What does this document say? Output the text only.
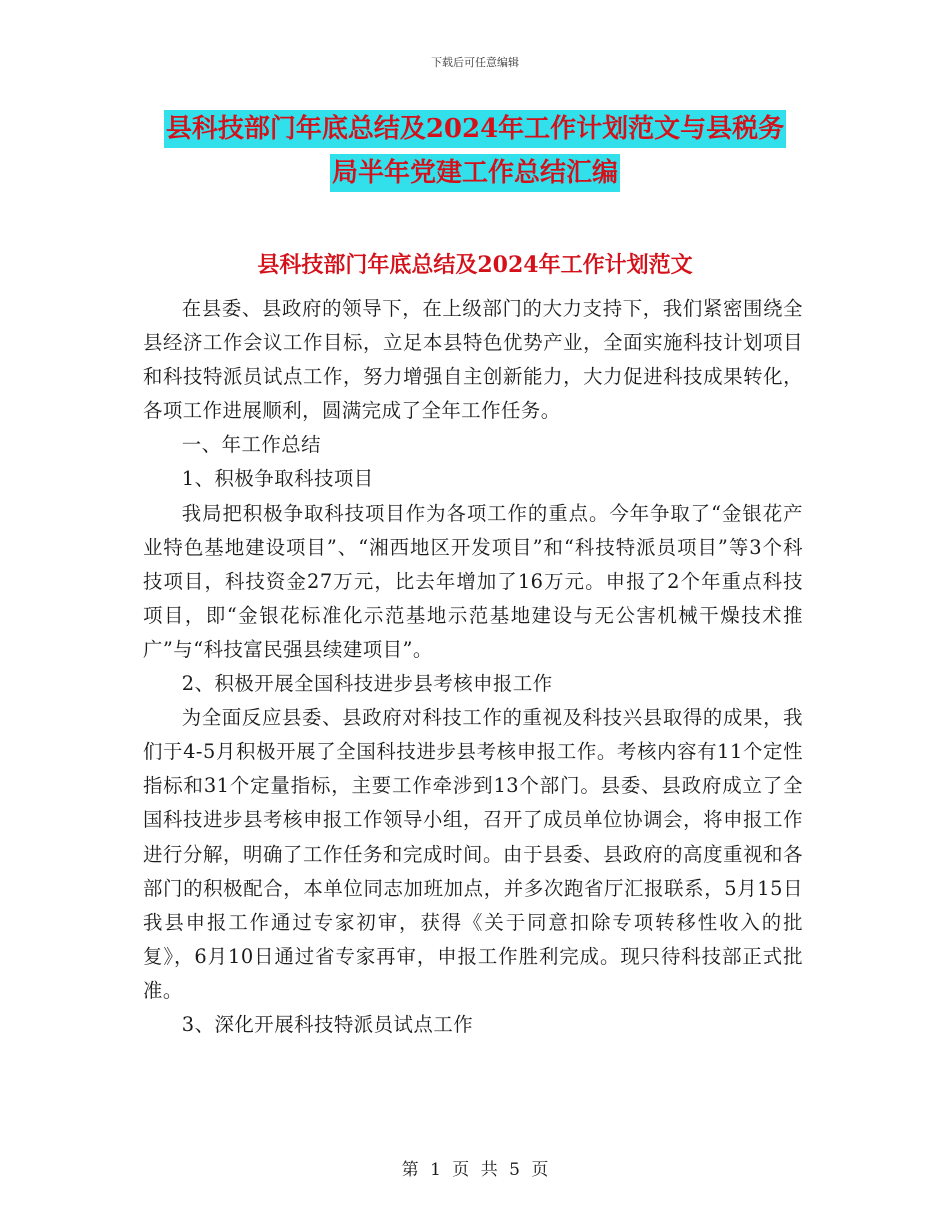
下载后可任意编辑
县科技部门年底总结及2024年工作计划范文与县税务
局半年党建工作总结汇编
县科技部门年底总结及2024年工作计划范文

在县委、县政府的领导下，在上级部门的大力支持下，我们紧密围绕全县经济工作会议工作目标，立足本县特色优势产业，全面实施科技计划项目和科技特派员试点工作，努力增强自主创新能力，大力促进科技成果转化，各项工作进展顺利，圆满完成了全年工作任务。

一、年工作总结

1、积极争取科技项目

我局把积极争取科技项目作为各项工作的重点。今年争取了“金银花产业特色基地建设项目”、“湘西地区开发项目”和“科技特派员项目”等3个科技项目，科技资金27万元，比去年增加了16万元。申报了2个年重点科技项目，即“金银花标准化示范基地示范基地建设与无公害机械干燥技术推广”与“科技富民强县续建项目”。

2、积极开展全国科技进步县考核申报工作

为全面反应县委、县政府对科技工作的重视及科技兴县取得的成果，我们于4-5月积极开展了全国科技进步县考核申报工作。考核内容有11个定性指标和31个定量指标，主要工作牵涉到13个部门。县委、县政府成立了全国科技进步县考核申报工作领导小组，召开了成员单位协调会，将申报工作进行分解，明确了工作任务和完成时间。由于县委、县政府的高度重视和各部门的积极配合，本单位同志加班加点，并多次跑省厅汇报联系，5月15日我县申报工作通过专家初审，获得《关于同意扣除专项转移性收入的批复》，6月10日通过省专家再审，申报工作胜利完成。现只待科技部正式批准。

3、深化开展科技特派员试点工作

第 1 页 共 5 页
